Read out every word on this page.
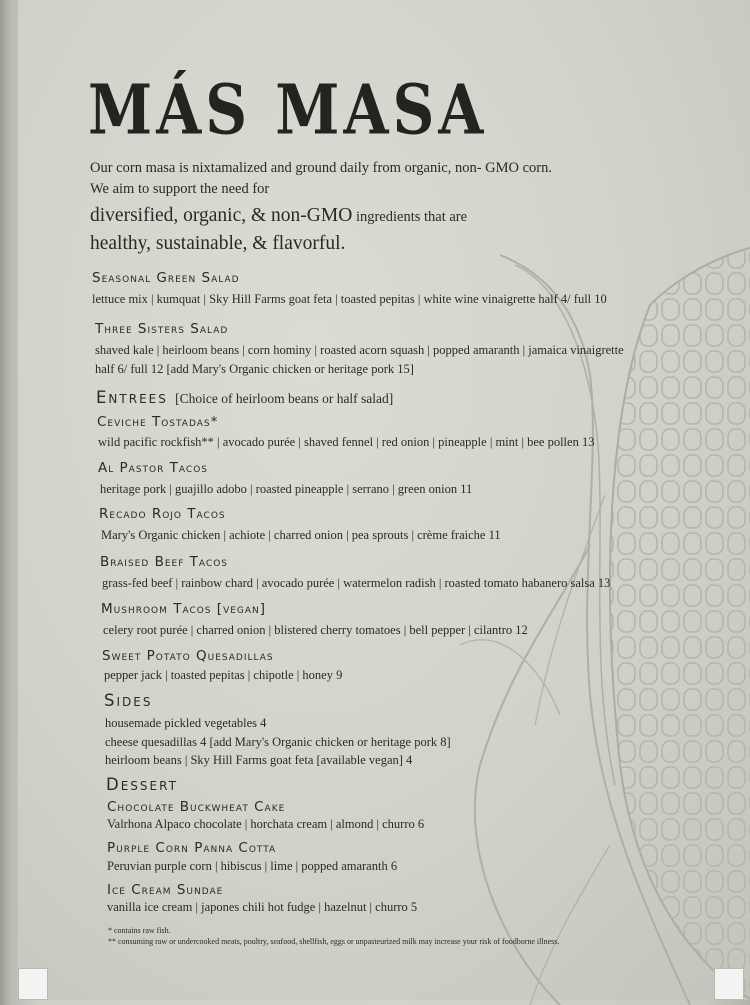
MÁS MASA
Our corn masa is nixtamalized and ground daily from organic, non- GMO corn.
We aim to support the need for
diversified, organic, & non-GMO ingredients that are
healthy, sustainable, & flavorful.
Seasonal Green Salad
lettuce mix | kumquat | Sky Hill Farms goat feta | toasted pepitas | white wine vinaigrette half 4/ full 10
Three Sisters Salad
shaved kale | heirloom beans | corn hominy | roasted acorn squash | popped amaranth | jamaica vinaigrette
half 6/ full 12 [add Mary's Organic chicken or heritage pork 15]
Entrees [Choice of heirloom beans or half salad]
Ceviche Tostadas*
wild pacific rockfish** | avocado purée | shaved fennel | red onion | pineapple | mint | bee pollen 13
Al Pastor Tacos
heritage pork | guajillo adobo | roasted pineapple | serrano | green onion 11
Recado Rojo Tacos
Mary's Organic chicken | achiote | charred onion | pea sprouts | crème fraiche 11
Braised Beef Tacos
grass-fed beef | rainbow chard | avocado purée | watermelon radish | roasted tomato habanero salsa 13
Mushroom Tacos [vegan]
celery root purée | charred onion | blistered cherry tomatoes | bell pepper | cilantro 12
Sweet Potato Quesadillas
pepper jack | toasted pepitas | chipotle | honey 9
Sides
housemade pickled vegetables 4
cheese quesadillas 4 [add Mary's Organic chicken or heritage pork 8]
heirloom beans | Sky Hill Farms goat feta [available vegan] 4
Dessert
Chocolate Buckwheat Cake
Valrhona Alpaco chocolate | horchata cream | almond | churro 6
Purple Corn Panna Cotta
Peruvian purple corn | hibiscus | lime | popped amaranth 6
Ice Cream Sundae
vanilla ice cream | japones chili hot fudge | hazelnut | churro 5
* contains raw fish.
** consuming raw or undercooked meats, poultry, seafood, shellfish, eggs or unpasteurized milk may increase your risk of foodborne illness.
